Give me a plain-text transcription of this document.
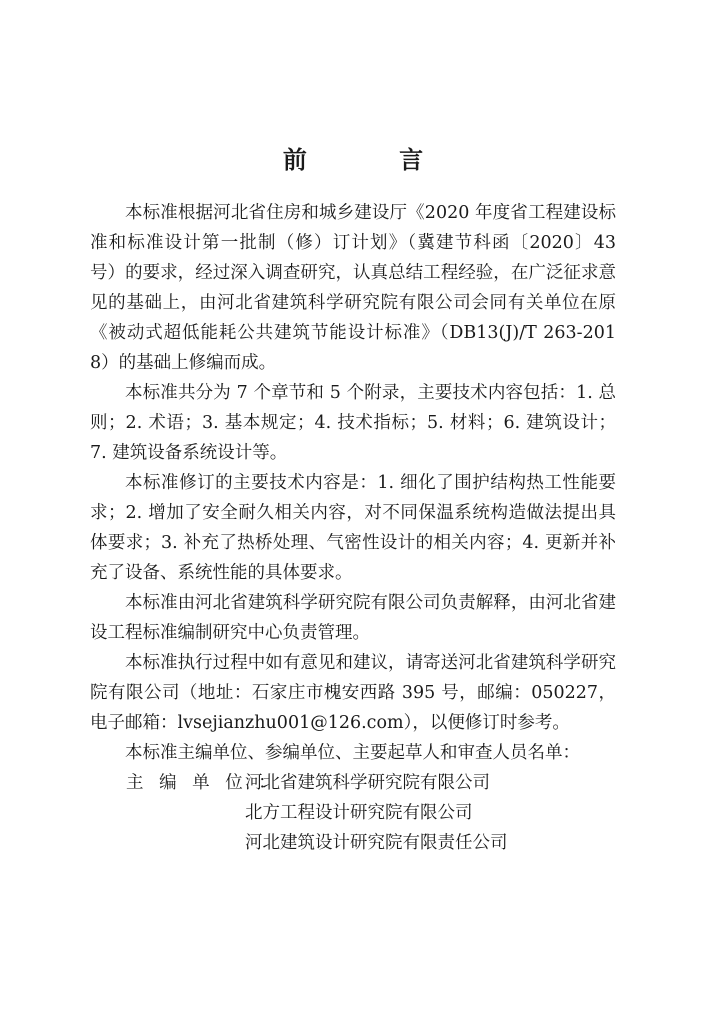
前 言

本标准根据河北省住房和城乡建设厅《2020 年度省工程建设标准和标准设计第一批制（修）订计划》（冀建节科函〔2020〕43 号）的要求，经过深入调查研究，认真总结工程经验，在广泛征求意见的基础上，由河北省建筑科学研究院有限公司会同有关单位在原《被动式超低能耗公共建筑节能设计标准》（DB13(J)/T 263-2018）的基础上修编而成。

本标准共分为 7 个章节和 5 个附录，主要技术内容包括：1. 总则；2. 术语；3. 基本规定；4. 技术指标；5. 材料；6. 建筑设计；7. 建筑设备系统设计等。

本标准修订的主要技术内容是：1. 细化了围护结构热工性能要求；2. 增加了安全耐久相关内容，对不同保温系统构造做法提出具体要求；3. 补充了热桥处理、气密性设计的相关内容；4. 更新并补充了设备、系统性能的具体要求。

本标准由河北省建筑科学研究院有限公司负责解释，由河北省建设工程标准编制研究中心负责管理。

本标准执行过程中如有意见和建议，请寄送河北省建筑科学研究院有限公司（地址：石家庄市槐安西路 395 号，邮编：050227，电子邮箱：lvsejianzhu001@126.com），以便修订时参考。

本标准主编单位、参编单位、主要起草人和审查人员名单：

主 编 单 位 ：
河北省建筑科学研究院有限公司
北方工程设计研究院有限公司
河北建筑设计研究院有限责任公司
